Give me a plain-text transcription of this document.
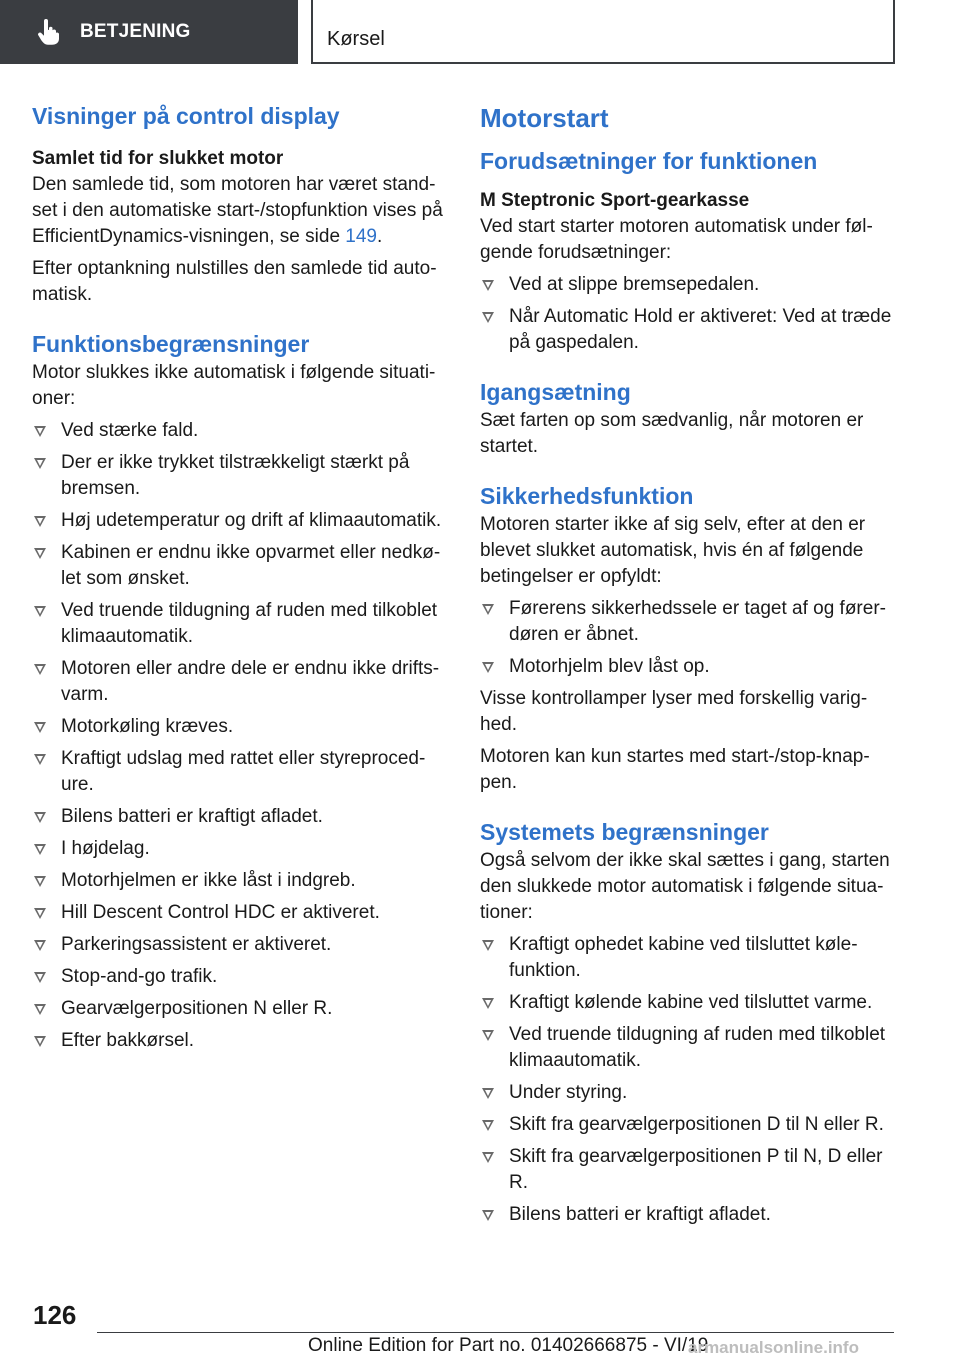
BETJENING	Kørsel
Visninger på control display
Samlet tid for slukket motor

Den samlede tid, som motoren har været stand-set i den automatiske start-/stopfunktion vises på EfficientDynamics-visningen, se side 149.

Efter optankning nulstilles den samlede tid auto-matisk.

Funktionsbegrænsninger

Motor slukkes ikke automatisk i følgende situati-oner:

Ved stærke fald.
Der er ikke trykket tilstrækkeligt stærkt på bremsen.
Høj udetemperatur og drift af klimaautomatik.
Kabinen er endnu ikke opvarmet eller nedkø-let som ønsket.
Ved truende tildugning af ruden med tilkoblet klimaautomatik.
Motoren eller andre dele er endnu ikke drifts-varm.
Motorkøling kræves.
Kraftigt udslag med rattet eller styreproced-ure.
Bilens batteri er kraftigt afladet.
I højdelag.
Motorhjelmen er ikke låst i indgreb.
Hill Descent Control HDC er aktiveret.
Parkeringsassistent er aktiveret.
Stop-and-go trafik.
Gearvælgerpositionen N eller R.
Efter bakkørsel.
Motorstart
Forudsætninger for funktionen
M Steptronic Sport-gearkasse

Ved start starter motoren automatisk under føl-gende forudsætninger:

Ved at slippe bremsepedalen.
Når Automatic Hold er aktiveret: Ved at træde på gaspedalen.
Igangsætning

Sæt farten op som sædvanlig, når motoren er startet.

Sikkerhedsfunktion

Motoren starter ikke af sig selv, efter at den er blevet slukket automatisk, hvis én af følgende betingelser er opfyldt:

Førerens sikkerhedssele er taget af og fører-døren er åbnet.
Motorhjelm blev låst op.

Visse kontrollamper lyser med forskellig varig-hed.

Motoren kan kun startes med start-/stop-knap-pen.

Systemets begrænsninger

Også selvom der ikke skal sættes i gang, starten den slukkede motor automatisk i følgende situa-tioner:

Kraftigt ophedet kabine ved tilsluttet køle-funktion.
Kraftigt kølende kabine ved tilsluttet varme.
Ved truende tildugning af ruden med tilkoblet klimaautomatik.
Under styring.
Skift fra gearvælgerpositionen D til N eller R.
Skift fra gearvælgerpositionen P til N, D eller R.
Bilens batteri er kraftigt afladet.
126
Online Edition for Part no. 01402666875 - VI/19
armanualsonline.info
